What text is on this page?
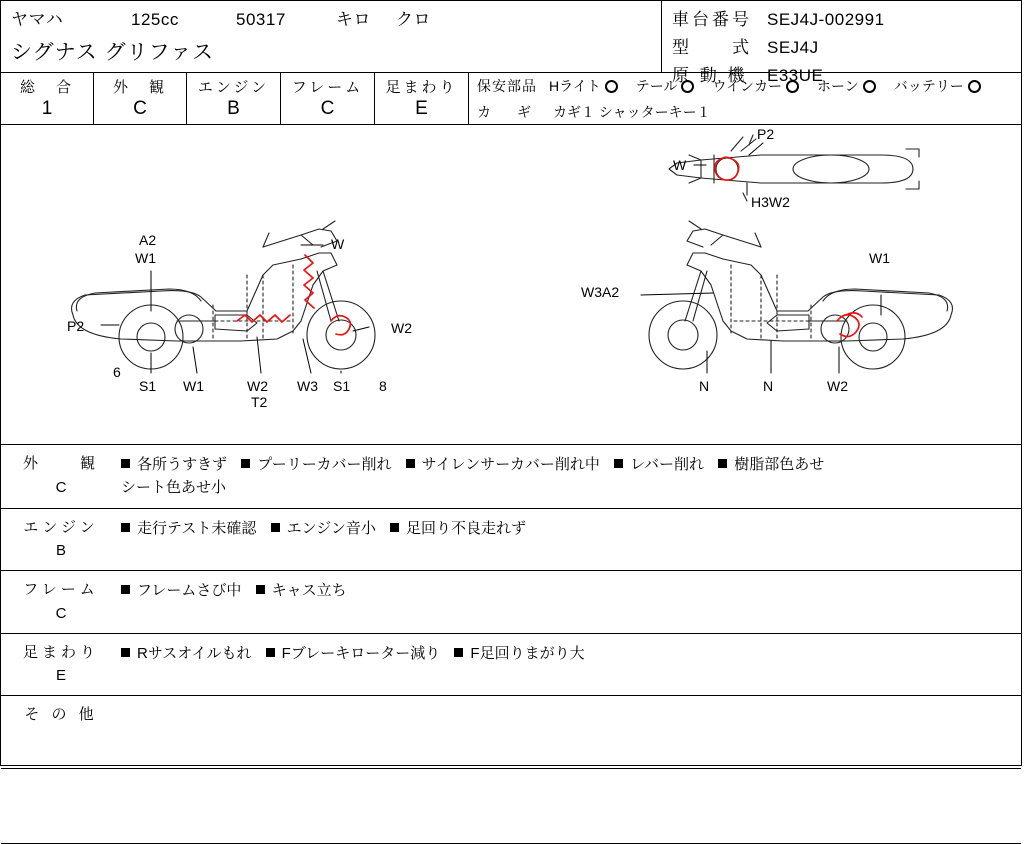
ヤマハ	125cc	50317	キロ	クロ
シグナス グリファス
車台番号 SEJ4J-002991
型　　式 SEJ4J
原 動 機	E33UE
総　合
1
外　観
C
エンジン
B
フレーム
C
足まわり
E
保安部品 Hライト	テール	ウインカー	ホーン	バッテリー
カ　ギ カギ１ シャッターキー１
P2
W
H3W2
A2
W1
W
P2	W2
6
S1 W1	W2
T2
W3 S1 8
W1
W3A2
N	N	W2
外　　観
C	各所うすきず プーリーカバー削れ サイレンサーカバー削れ中 レバー削れ 樹脂部色あせ
シート色あせ小
エンジン
B	走行テスト未確認 エンジン音小 足回り不良走れず
フレーム
C	フレームさび中 キャス立ち
足まわり
E	Rサスオイルもれ Fブレーキローター減り F足回りまがり大
そ の 他	
